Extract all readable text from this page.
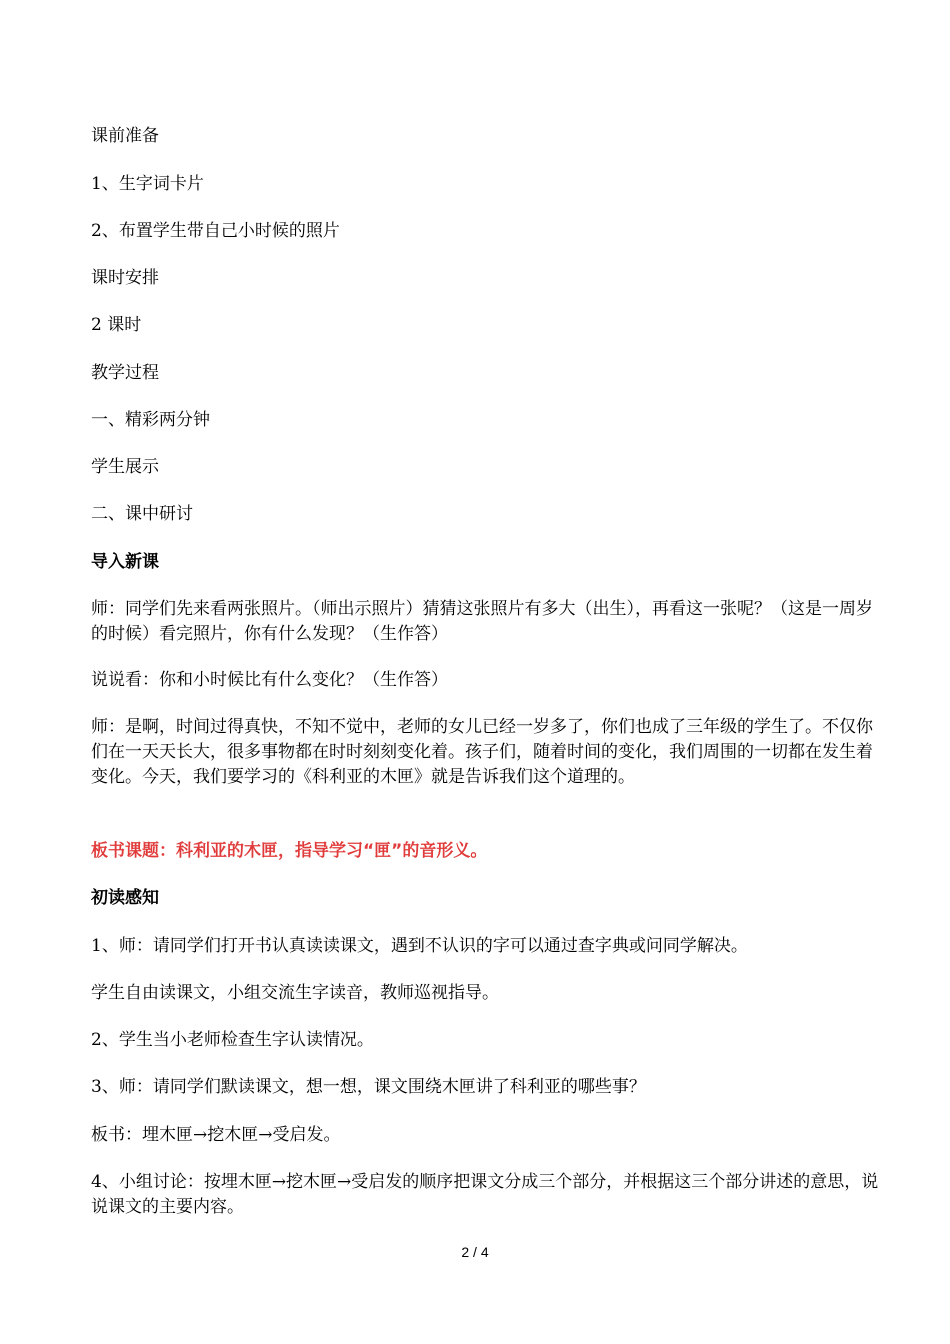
课前准备

1、生字词卡片

2、布置学生带自己小时候的照片

课时安排

2 课时

教学过程

一、精彩两分钟

学生展示

二、课中研讨

导入新课

师：同学们先来看两张照片。（师出示照片）猜猜这张照片有多大（出生），再看这一张呢？（这是一周岁的时候）看完照片，你有什么发现？（生作答）

说说看：你和小时候比有什么变化？（生作答）

师：是啊，时间过得真快，不知不觉中，老师的女儿已经一岁多了，你们也成了三年级的学生了。不仅你们在一天天长大，很多事物都在时时刻刻变化着。孩子们，随着时间的变化，我们周围的一切都在发生着变化。今天，我们要学习的《科利亚的木匣》就是告诉我们这个道理的。

板书课题：科利亚的木匣，指导学习“匣”的音形义。

初读感知

1、师：请同学们打开书认真读读课文，遇到不认识的字可以通过查字典或问同学解决。

学生自由读课文，小组交流生字读音，教师巡视指导。

2、学生当小老师检查生字认读情况。

3、师：请同学们默读课文，想一想，课文围绕木匣讲了科利亚的哪些事？

板书：埋木匣→挖木匣→受启发。

4、小组讨论：按埋木匣→挖木匣→受启发的顺序把课文分成三个部分，并根据这三个部分讲述的意思，说说课文的主要内容。

2 / 4
